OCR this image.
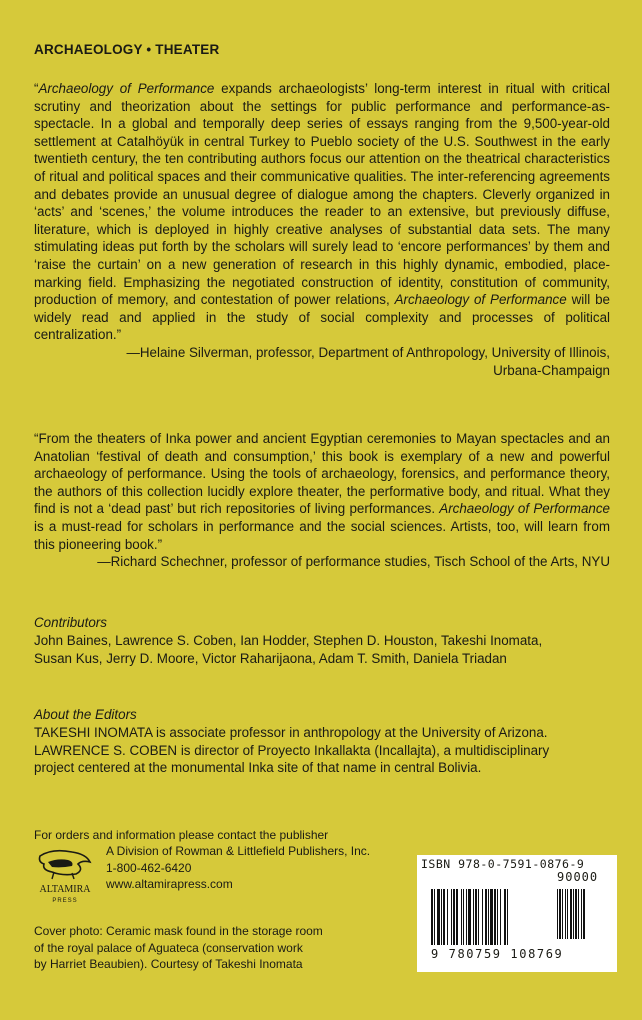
ARCHAEOLOGY • THEATER

“Archaeology of Performance expands archaeologists’ long-term interest in ritual with critical scrutiny and theorization about the settings for public performance and performance-as-spectacle. In a global and temporally deep series of essays ranging from the 9,500-year-old settlement at Catalhöyük in central Turkey to Pueblo society of the U.S. Southwest in the early twentieth century, the ten contributing authors focus our attention on the theatrical characteristics of ritual and political spaces and their communicative qualities. The inter-referencing agreements and debates provide an unusual degree of dialogue among the chapters. Cleverly organized in ‘acts’ and ‘scenes,’ the volume introduces the reader to an extensive, but previously diffuse, literature, which is deployed in highly creative analyses of substantial data sets. The many stimulating ideas put forth by the scholars will surely lead to ‘encore performances’ by them and ‘raise the curtain’ on a new generation of research in this highly dynamic, embodied, place-marking field. Emphasizing the negotiated construction of identity, constitution of community, production of memory, and contestation of power relations, Archaeology of Performance will be widely read and applied in the study of social complexity and processes of political centralization.”

—Helaine Silverman, professor, Department of Anthropology, University of Illinois,
Urbana-Champaign

“From the theaters of Inka power and ancient Egyptian ceremonies to Mayan spectacles and an Anatolian ‘festival of death and consumption,’ this book is exemplary of a new and powerful archaeology of performance. Using the tools of archaeology, forensics, and performance theory, the authors of this collection lucidly explore theater, the performative body, and ritual. What they find is not a ‘dead past’ but rich repositories of living performances. Archaeology of Performance is a must-read for scholars in performance and the social sciences. Artists, too, will learn from this pioneering book.”

—Richard Schechner, professor of performance studies, Tisch School of the Arts, NYU
Contributors
John Baines, Lawrence S. Coben, Ian Hodder, Stephen D. Houston, Takeshi Inomata,
Susan Kus, Jerry D. Moore, Victor Raharijaona, Adam T. Smith, Daniela Triadan
About the Editors
TAKESHI INOMATA is associate professor in anthropology at the University of Arizona.
LAWRENCE S. COBEN is director of Proyecto Inkallakta (Incallajta), a multidisciplinary
project centered at the monumental Inka site of that name in central Bolivia.
For orders and information please contact the publisher
ALTAMIRA
PRESS
A Division of Rowman & Littlefield Publishers, Inc.
1-800-462-6420
www.altamirapress.com
Cover photo: Ceramic mask found in the storage room
of the royal palace of Aguateca (conservation work
by Harriet Beaubien). Courtesy of Takeshi Inomata
ISBN 978-0-7591-0876-9
90000
9 780759 108769
